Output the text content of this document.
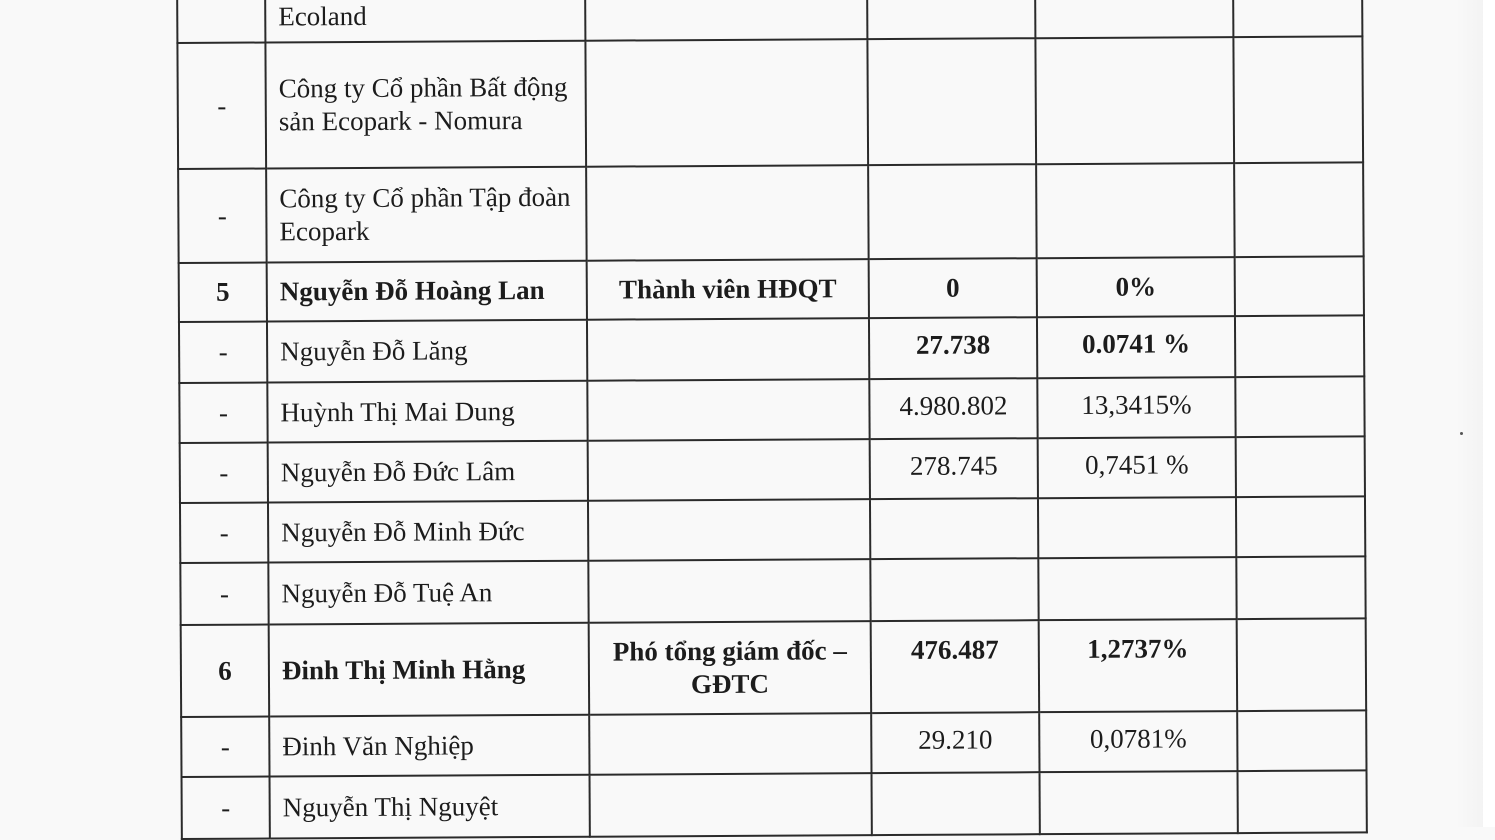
	Ecoland				
-	Công ty Cổ phần Bất động sản Ecopark - Nomura				
-	Công ty Cổ phần Tập đoàn Ecopark				
5	Nguyễn Đỗ Hoàng Lan	Thành viên HĐQT	0	0%	
-	Nguyễn Đỗ Lăng		27.738	0.0741 %	
-	Huỳnh Thị Mai Dung		4.980.802	13,3415%	
-	Nguyễn Đỗ Đức Lâm		278.745	0,7451 %	
-	Nguyễn Đỗ Minh Đức				
-	Nguyễn Đỗ Tuệ An				
6	Đinh Thị Minh Hằng	Phó tổng giám đốc – GĐTC	476.487	1,2737%	
-	Đinh Văn Nghiệp		29.210	0,0781%	
-	Nguyễn Thị Nguyệt				
